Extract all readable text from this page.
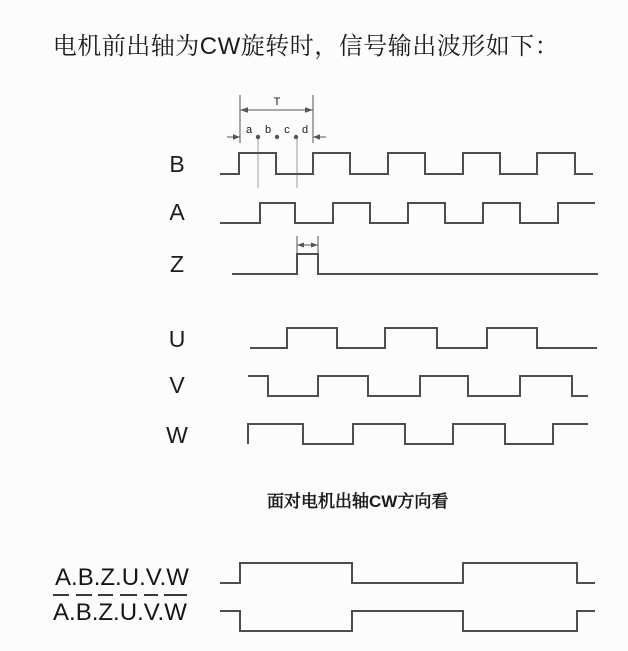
电机前出轴为CW旋转时，信号输出波形如下：
T
a b c d
B
A
Z
U
V
W
面对电机出轴CW方向看
A.B.Z.U.V.W
A.B.Z.U.V.W
